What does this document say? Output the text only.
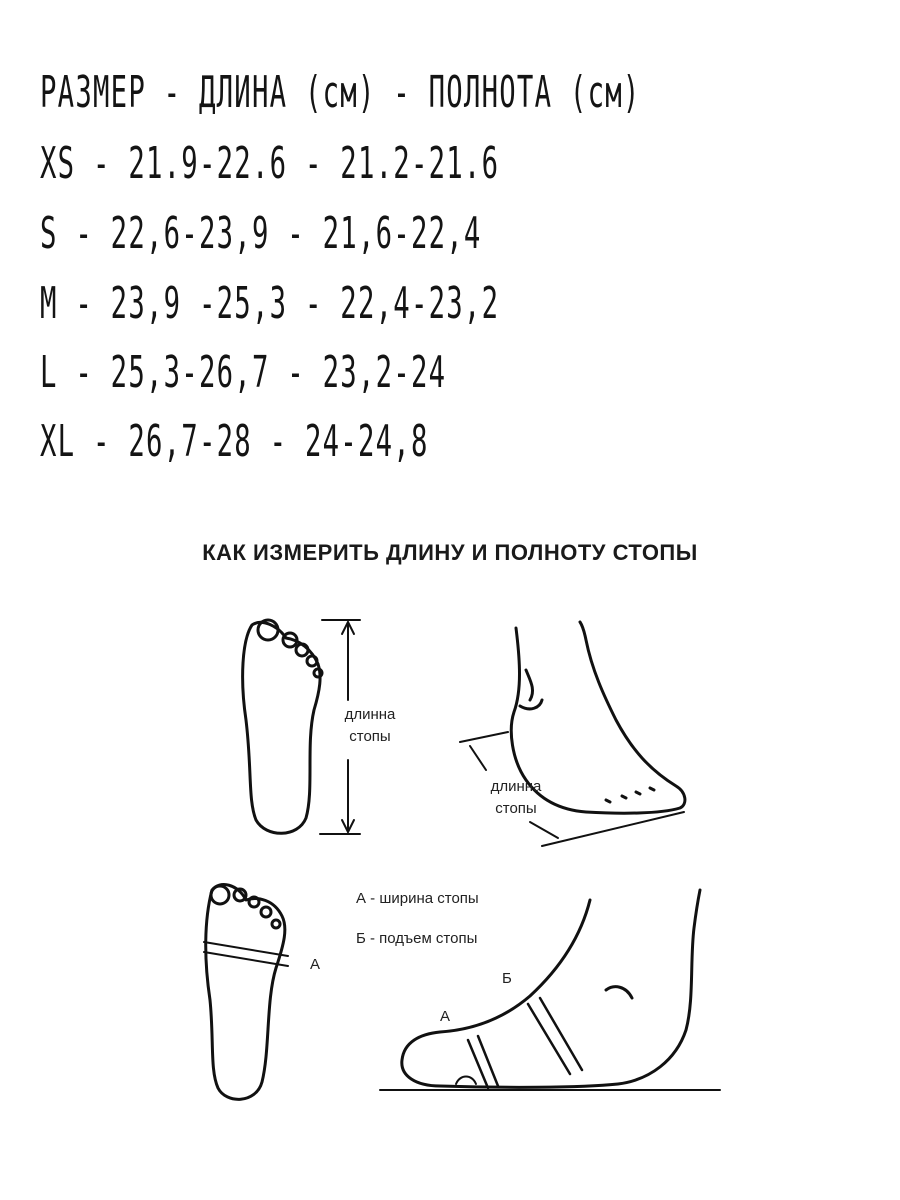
РАЗМЕР - ДЛИНА (см) - ПОЛНОТА (см)
XS - 21.9-22.6 - 21.2-21.6
S - 22,6-23,9 - 21,6-22,4
M - 23,9 -25,3 - 22,4-23,2
L - 25,3-26,7 - 23,2-24
XL - 26,7-28 - 24-24,8
КАК ИЗМЕРИТЬ ДЛИНУ И ПОЛНОТУ СТОПЫ
длинна
стопы
длинна
стопы
А - ширина стопы
Б - подъем стопы
А
А
Б
